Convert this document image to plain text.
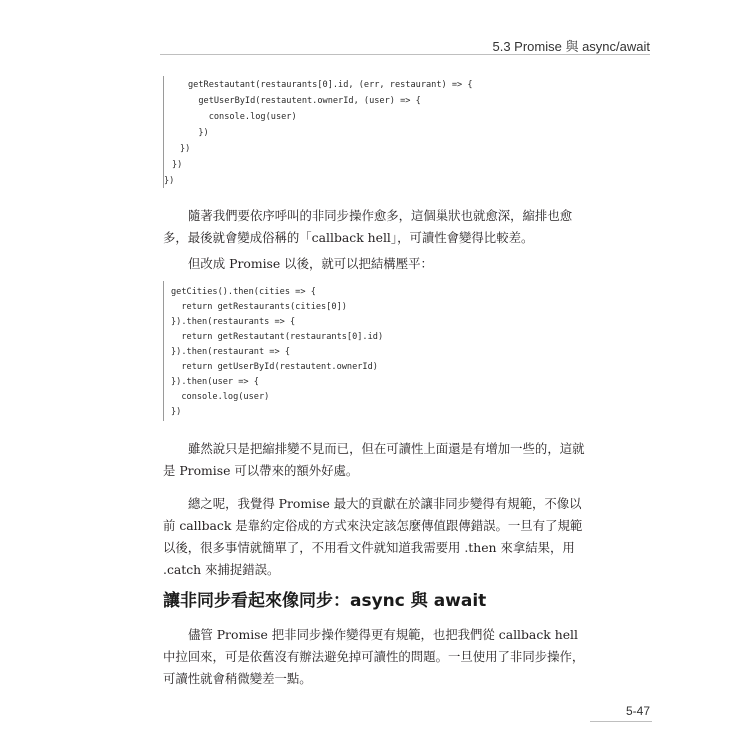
5.3 Promise 與 async/await
getRestautant(restaurants[0].id, (err, restaurant) => {
getUserById(restautent.ownerId, (user) => {
console.log(user)
})
})
})
})
隨著我們要依序呼叫的非同步操作愈多，這個巢狀也就愈深，縮排也愈多，最後就會變成俗稱的「callback hell」，可讀性會變得比較差。
但改成 Promise 以後，就可以把結構壓平：
getCities().then(cities => {
return getRestaurants(cities[0])
}).then(restaurants => {
return getRestautant(restaurants[0].id)
}).then(restaurant => {
return getUserById(restautent.ownerId)
}).then(user => {
console.log(user)
})
雖然說只是把縮排變不見而已，但在可讀性上面還是有增加一些的，這就是 Promise 可以帶來的額外好處。
總之呢，我覺得 Promise 最大的貢獻在於讓非同步變得有規範，不像以前 callback 是靠約定俗成的方式來決定該怎麼傳值跟傳錯誤。一旦有了規範以後，很多事情就簡單了，不用看文件就知道我需要用 .then 來拿結果，用 .catch 來捕捉錯誤。
讓非同步看起來像同步：async 與 await
儘管 Promise 把非同步操作變得更有規範，也把我們從 callback hell 中拉回來，可是依舊沒有辦法避免掉可讀性的問題。一旦使用了非同步操作，可讀性就會稍微變差一點。
5-47
